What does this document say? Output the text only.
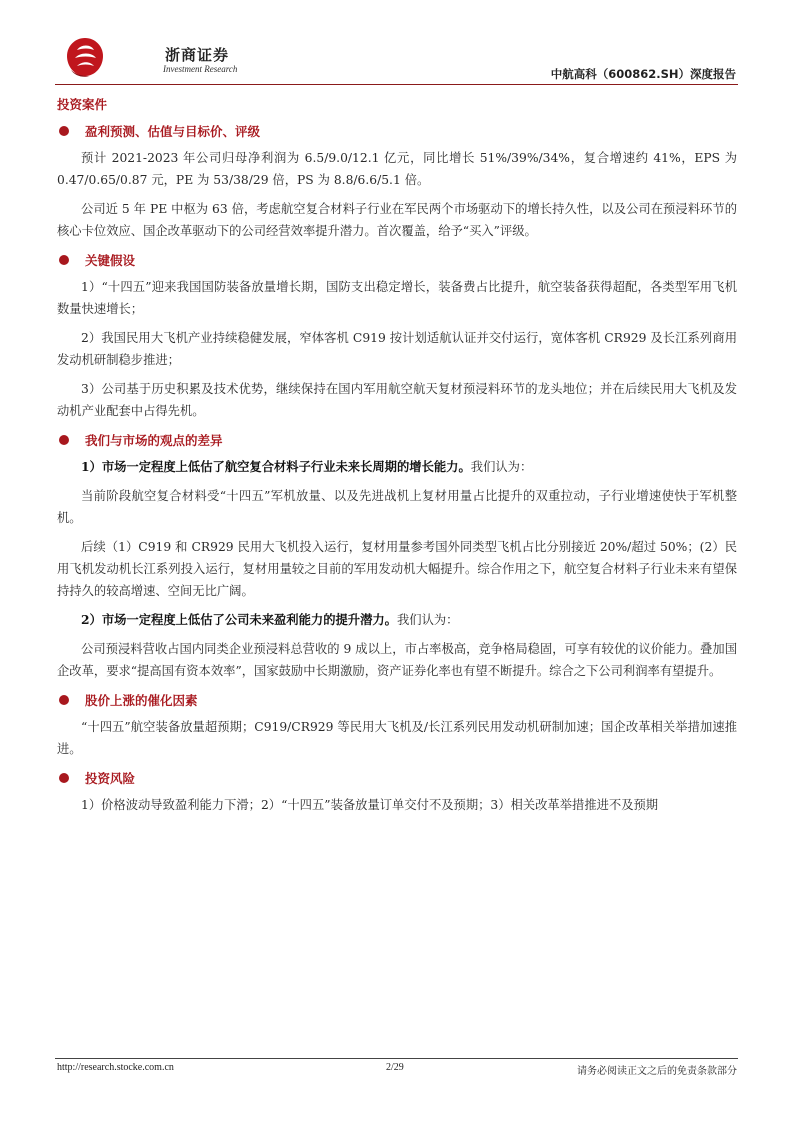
浙商证券
Investment Research	中航高科（600862.SH）深度报告
投资案件
盈利预测、估值与目标价、评级

预计 2021-2023 年公司归母净利润为 6.5/9.0/12.1 亿元，同比增长 51%/39%/34%，复合增速约 41%，EPS 为 0.47/0.65/0.87 元，PE 为 53/38/29 倍，PS 为 8.8/6.6/5.1 倍。

公司近 5 年 PE 中枢为 63 倍，考虑航空复合材料子行业在军民两个市场驱动下的增长持久性，以及公司在预浸料环节的核心卡位效应、国企改革驱动下的公司经营效率提升潜力。首次覆盖，给予“买入”评级。

关键假设

1）“十四五”迎来我国国防装备放量增长期，国防支出稳定增长，装备费占比提升，航空装备获得超配，各类型军用飞机数量快速增长；

2）我国民用大飞机产业持续稳健发展，窄体客机 C919 按计划适航认证并交付运行，宽体客机 CR929 及长江系列商用发动机研制稳步推进；

3）公司基于历史积累及技术优势，继续保持在国内军用航空航天复材预浸料环节的龙头地位；并在后续民用大飞机及发动机产业配套中占得先机。

我们与市场的观点的差异

1）市场一定程度上低估了航空复合材料子行业未来长周期的增长能力。我们认为：

当前阶段航空复合材料受“十四五”军机放量、以及先进战机上复材用量占比提升的双重拉动，子行业增速使快于军机整机。

后续（1）C919 和 CR929 民用大飞机投入运行，复材用量参考国外同类型飞机占比分别接近 20%/超过 50%；(2）民用飞机发动机长江系列投入运行，复材用量较之目前的军用发动机大幅提升。综合作用之下，航空复合材料子行业未来有望保持持久的较高增速、空间无比广阔。

2）市场一定程度上低估了公司未来盈利能力的提升潜力。我们认为：

公司预浸料营收占国内同类企业预浸料总营收的 9 成以上，市占率极高，竞争格局稳固，可享有较优的议价能力。叠加国企改革，要求“提高国有资本效率”，国家鼓励中长期激励，资产证券化率也有望不断提升。综合之下公司利润率有望提升。

股价上涨的催化因素

“十四五”航空装备放量超预期；C919/CR929 等民用大飞机及/长江系列民用发动机研制加速；国企改革相关举措加速推进。

投资风险

1）价格波动导致盈利能力下滑；2）“十四五”装备放量订单交付不及预期；3）相关改革举措推进不及预期

http://research.stocke.com.cn	2/29	请务必阅读正文之后的免责条款部分
